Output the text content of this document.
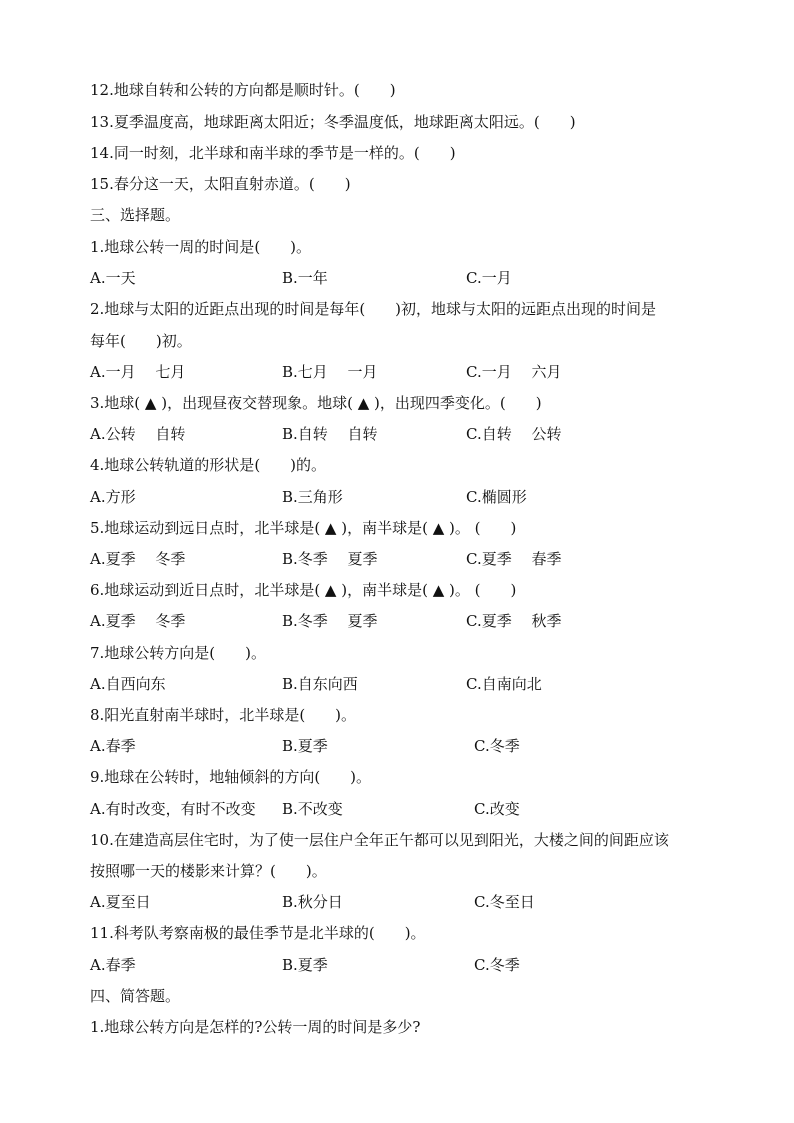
12.地球自转和公转的方向都是顺时针。(　　)
13.夏季温度高，地球距离太阳近；冬季温度低，地球距离太阳远。(　　)
14.同一时刻，北半球和南半球的季节是一样的。(　　)
15.春分这一天，太阳直射赤道。(　　)
三、选择题。
1.地球公转一周的时间是(　　)。
A.一天	B.一年	C.一月
2.地球与太阳的近距点出现的时间是每年(　　)初，地球与太阳的远距点出现的时间是
每年(　　)初。
A.一月　 七月	B.七月　 一月	C.一月　 六月
3.地球( ▲ )，出现昼夜交替现象。地球( ▲ )，出现四季变化。(　　)
A.公转　 自转	B.自转　 自转	C.自转　 公转
4.地球公转轨道的形状是(　　)的。
A.方形	B.三角形	C.椭圆形
5.地球运动到远日点时，北半球是( ▲ )，南半球是( ▲ )。 (　　)
A.夏季　 冬季	B.冬季　 夏季	C.夏季　 春季
6.地球运动到近日点时，北半球是( ▲ )，南半球是( ▲ )。 (　　)
A.夏季　 冬季	B.冬季　 夏季	C.夏季　 秋季
7.地球公转方向是(　　)。
A.自西向东	B.自东向西	C.自南向北
8.阳光直射南半球时，北半球是(　　)。
A.春季	B.夏季	C.冬季
9.地球在公转时，地轴倾斜的方向(　　)。
A.有时改变，有时不改变 B.不改变	C.改变
10.在建造高层住宅时，为了使一层住户全年正午都可以见到阳光，大楼之间的间距应该
按照哪一天的楼影来计算？(　　)。
A.夏至日	B.秋分日	C.冬至日
11.科考队考察南极的最佳季节是北半球的(　　)。
A.春季	B.夏季	C.冬季
四、简答题。
1.地球公转方向是怎样的?公转一周的时间是多少?
